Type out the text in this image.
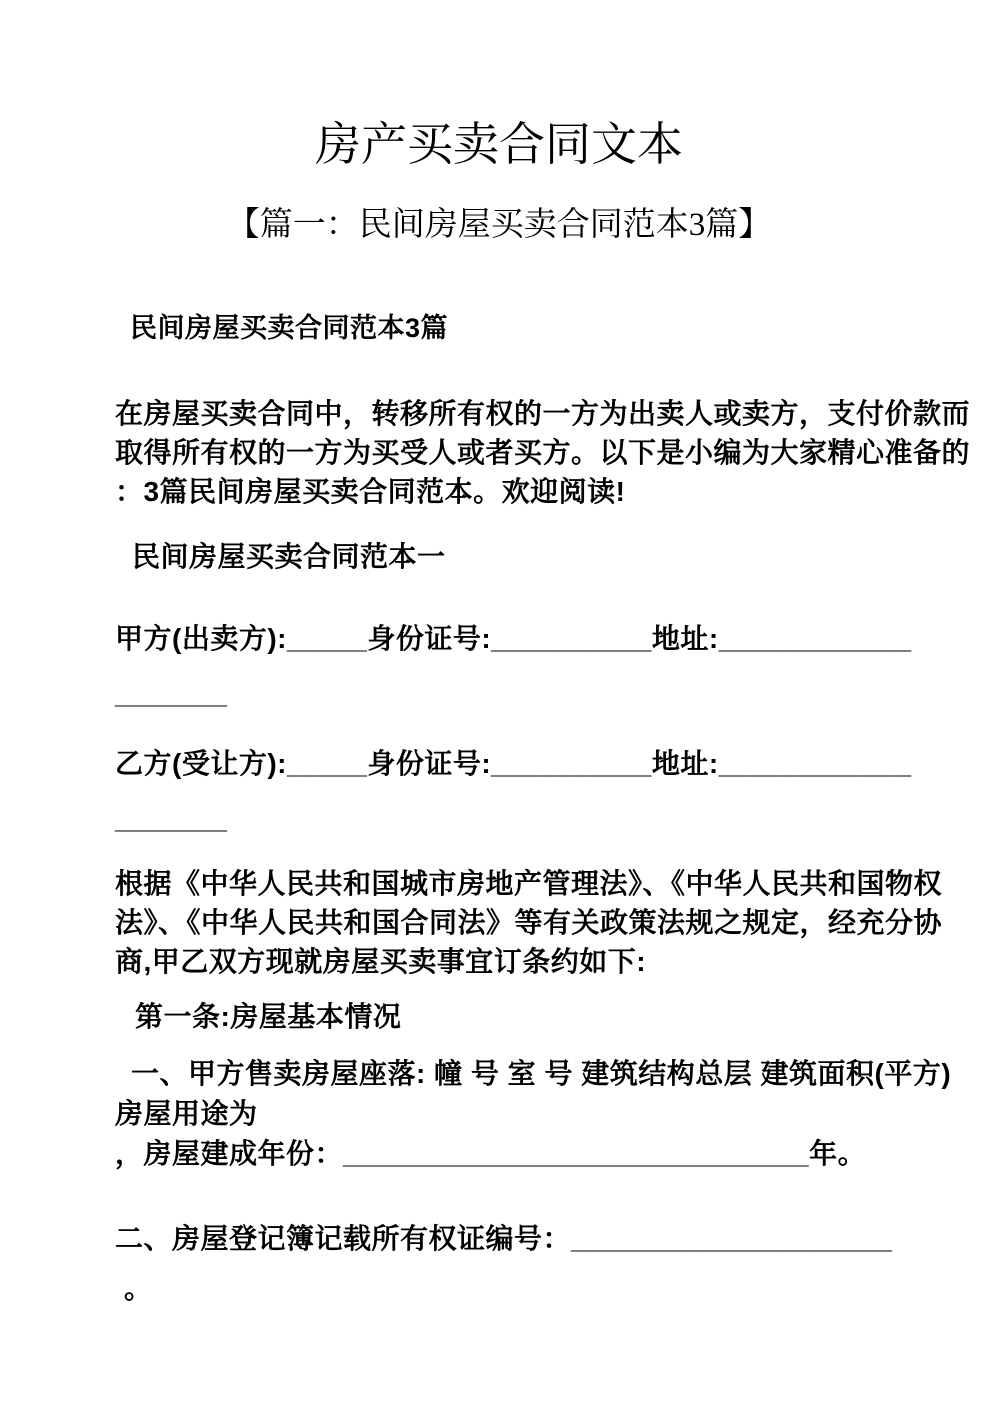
房产买卖合同文本
【篇一：民间房屋买卖合同范本3篇】
民间房屋买卖合同范本3篇
在房屋买卖合同中，转移所有权的一方为出卖人或卖方，支付价款而
取得所有权的一方为买受人或者买方。以下是小编为大家精心准备的
：3篇民间房屋买卖合同范本。欢迎阅读!
民间房屋买卖合同范本一
甲方(出卖方):_____身份证号:__________地址:____________
_______
乙方(受让方):_____身份证号:__________地址:____________
_______
根据《中华人民共和国城市房地产管理法》、《中华人民共和国物权
法》、《中华人民共和国合同法》等有关政策法规之规定，经充分协
商,甲乙双方现就房屋买卖事宜订条约如下:
第一条:房屋基本情况
一、甲方售卖房屋座落: 幢 号 室 号 建筑结构总层 建筑面积(平方)
房屋用途为
，房屋建成年份：_____________________________年。
二、房屋登记簿记载所有权证编号：____________________
。
